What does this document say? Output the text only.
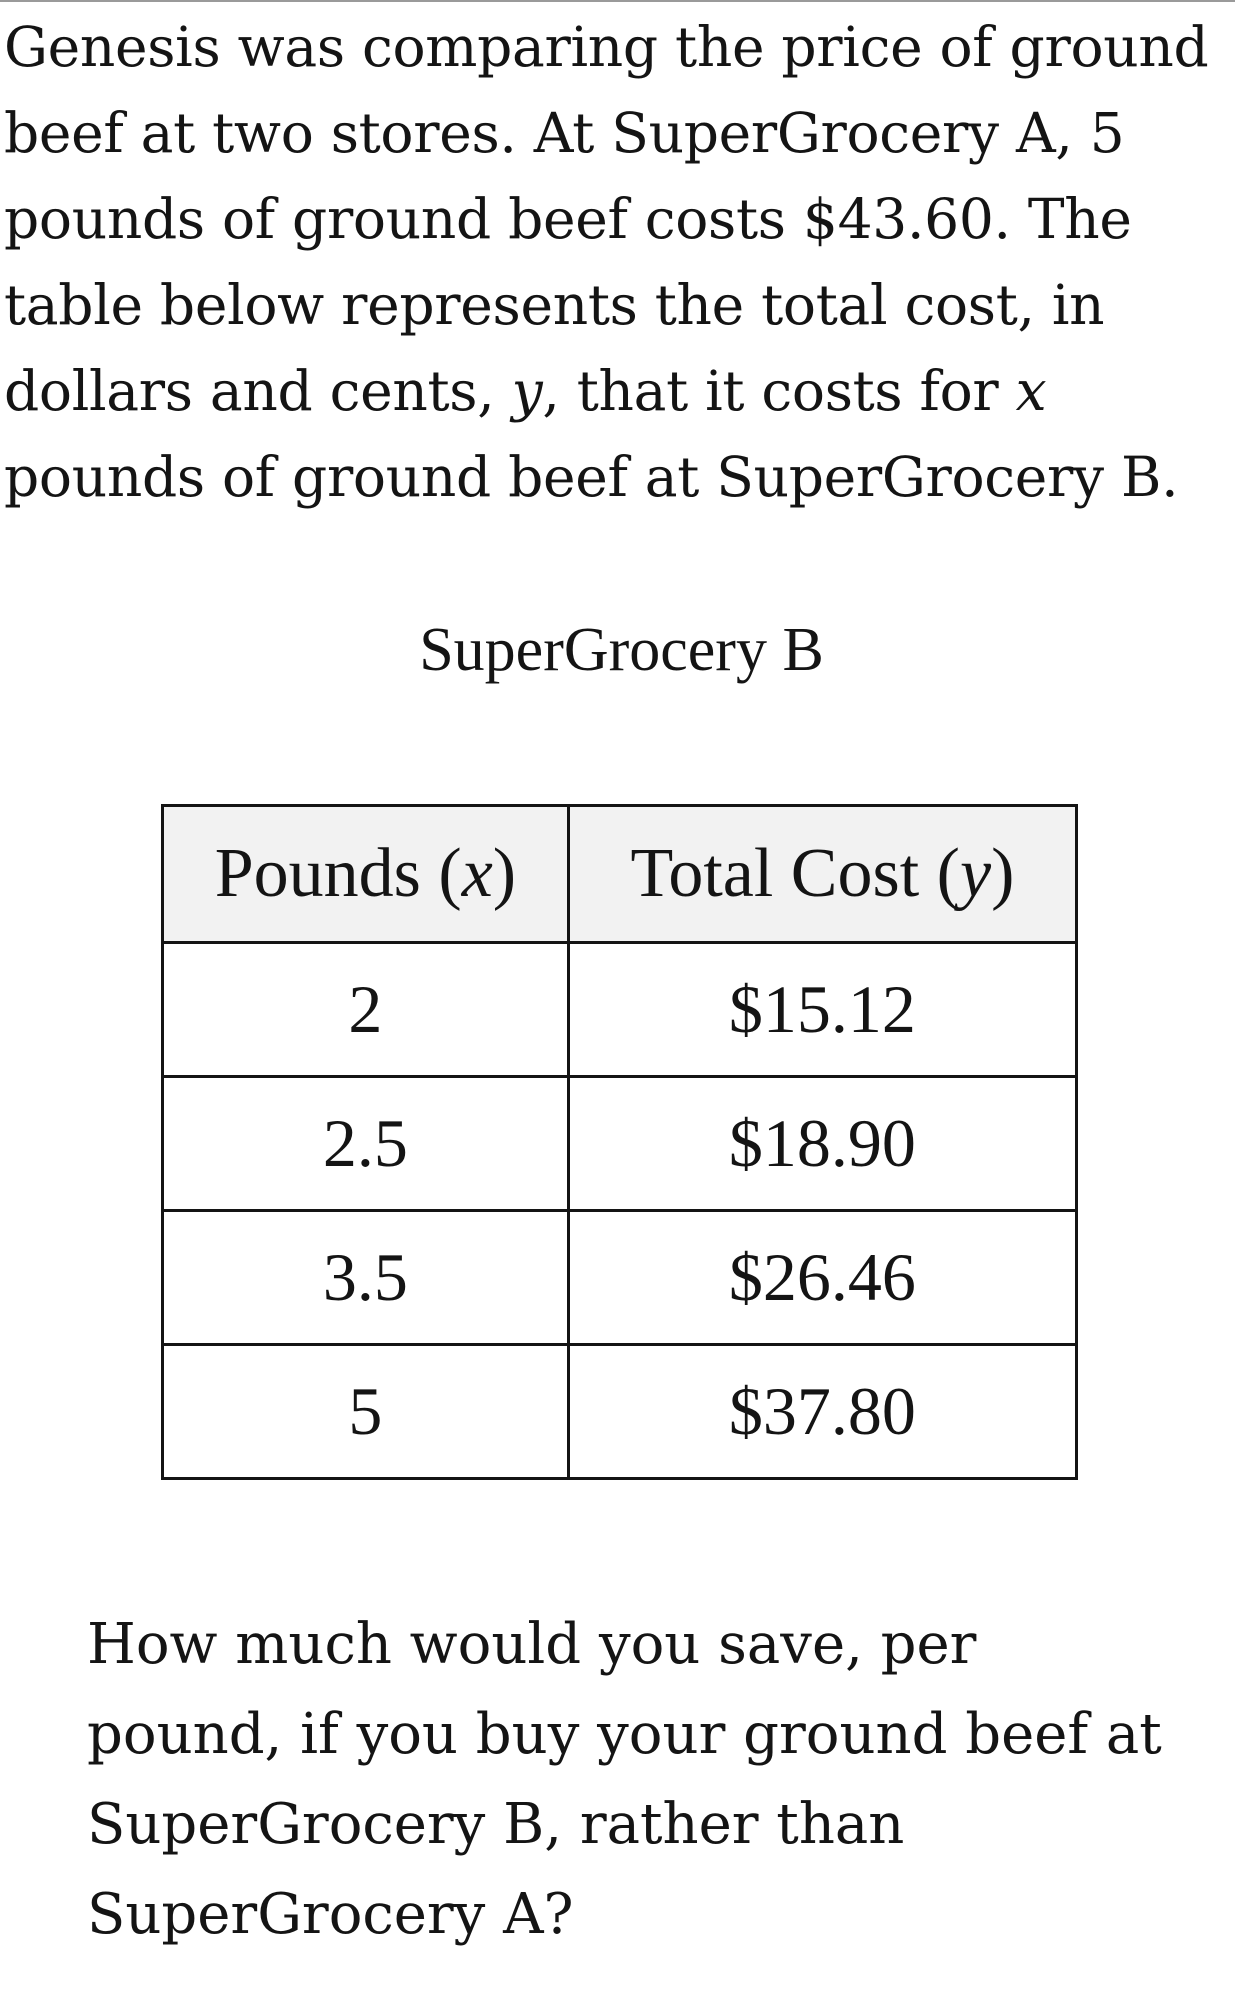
Genesis was comparing the price of ground beef at two stores. At SuperGrocery A, 5 pounds of ground beef costs $43.60. The table below represents the total cost, in dollars and cents, y, that it costs for x pounds of ground beef at SuperGrocery B.

SuperGrocery B
Pounds (x)	Total Cost (y)
2	$15.12
2.5	$18.90
3.5	$26.46
5	$37.80

How much would you save, per pound, if you buy your ground beef at SuperGrocery B, rather than SuperGrocery A?
